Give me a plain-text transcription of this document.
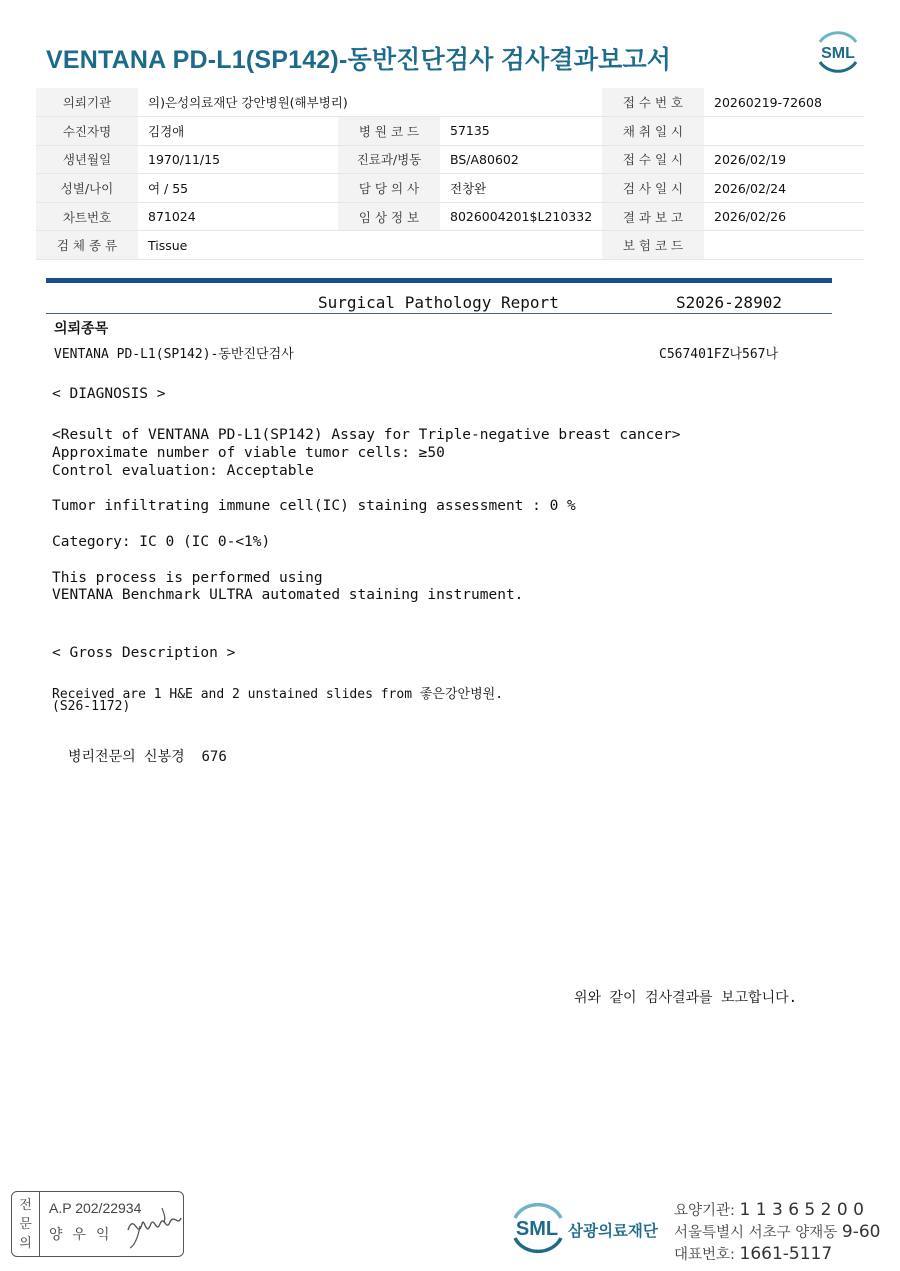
VENTANA PD-L1(SP142)-동반진단검사 검사결과보고서	SML
의뢰기관	의)은성의료재단 강안병원(해부병리)			접 수 번 호	20260219-72608
수진자명	김경애	병 원 코 드	57135	채 취 일 시	
생년월일	1970/11/15	진료과/병동	BS/A80602	접 수 일 시	2026/02/19
성별/나이	여 / 55	담 당 의 사	전창완	검 사 일 시	2026/02/24
차트번호	871024	임 상 정 보	8026004201$L210332	결 과 보 고	2026/02/26
검 체 종 류	Tissue			보 험 코 드	
Surgical Pathology Report	S2026-28902
의뢰종목
VENTANA PD-L1(SP142)-동반진단검사	C567401FZ나567나
< DIAGNOSIS >
<Result of VENTANA PD-L1(SP142) Assay for Triple-negative breast cancer>
Approximate number of viable tumor cells: ≥50
Control evaluation: Acceptable
Tumor infiltrating immune cell(IC) staining assessment : 0 %
Category: IC 0 (IC 0-<1%)
This process is performed using
VENTANA Benchmark ULTRA automated staining instrument.
< Gross Description >
Received are 1 H&E and 2 unstained slides from 좋은강안병원.
(S26-1172)
병리전문의 신봉경  676
위와 같이 검사결과를 보고합니다.
전
문
의
A.P 202/22934
양우익	SML 삼광의료재단
요양기관: 1 1 3 6 5 2 0 0
서울특별시 서초구 양재동 9-60
대표번호: 1661-5117
